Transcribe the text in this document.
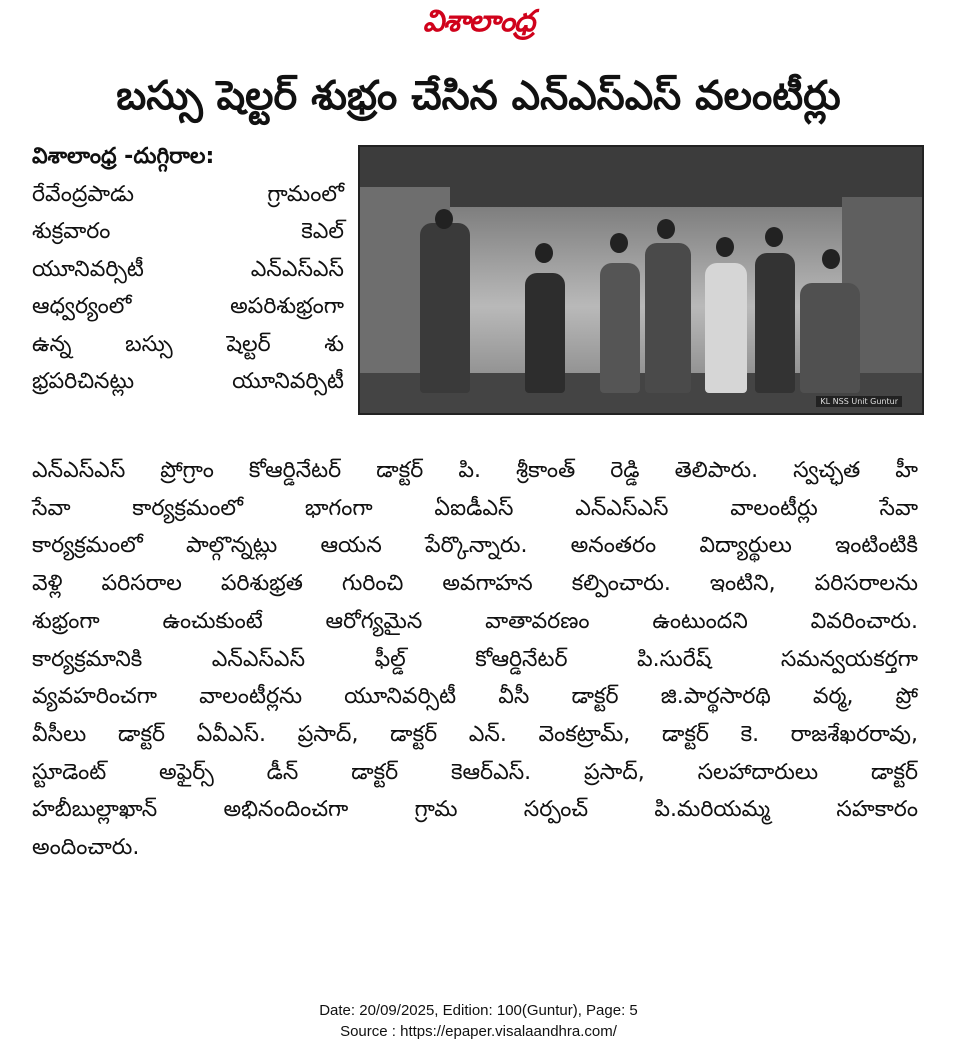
విశాలాంధ్ర
బస్సు షెల్టర్ శుభ్రం చేసిన ఎన్ఎస్ఎస్ వలంటీర్లు
విశాలాంధ్ర -దుగ్గిరాల:
రేవేంద్రపాడు గ్రామంలో
శుక్రవారం కెఎల్
యూనివర్సిటీ ఎన్ఎస్ఎస్
ఆధ్వర్యంలో అపరిశుభ్రంగా
ఉన్న బస్సు షెల్టర్ శు
భ్రపరిచినట్లు యూనివర్సిటీ
KL NSS Unit Guntur
ఎన్ఎస్ఎస్ ప్రోగ్రాం కోఆర్డినేటర్ డాక్టర్ పి. శ్రీకాంత్ రెడ్డి తెలిపారు. స్వచ్ఛత హీ
సేవా కార్యక్రమంలో భాగంగా ఏఐడీఎస్ ఎన్ఎస్ఎస్ వాలంటీర్లు సేవా
కార్యక్రమంలో పాల్గొన్నట్లు ఆయన పేర్కొన్నారు. అనంతరం విద్యార్థులు ఇంటింటికి
వెళ్లి పరిసరాల పరిశుభ్రత గురించి అవగాహన కల్పించారు. ఇంటిని, పరిసరాలను
శుభ్రంగా ఉంచుకుంటే ఆరోగ్యమైన వాతావరణం ఉంటుందని వివరించారు.
కార్యక్రమానికి ఎన్ఎస్ఎస్ ఫీల్డ్ కోఆర్డినేటర్ పి.సురేష్ సమన్వయకర్తగా
వ్యవహరించగా వాలంటీర్లను యూనివర్సిటీ వీసీ డాక్టర్ జి.పార్థసారథి వర్మ, ప్రో
వీసీలు డాక్టర్ ఏవీఎస్. ప్రసాద్, డాక్టర్ ఎన్. వెంకట్రామ్, డాక్టర్ కె. రాజశేఖరరావు,
స్టూడెంట్ అఫైర్స్ డీన్ డాక్టర్ కెఆర్ఎస్. ప్రసాద్, సలహాదారులు డాక్టర్
హబీబుల్లాఖాన్ అభినందించగా గ్రామ సర్పంచ్ పి.మరియమ్మ సహకారం
అందించారు.
Date: 20/09/2025, Edition: 100(Guntur), Page: 5
Source : https://epaper.visalaandhra.com/
